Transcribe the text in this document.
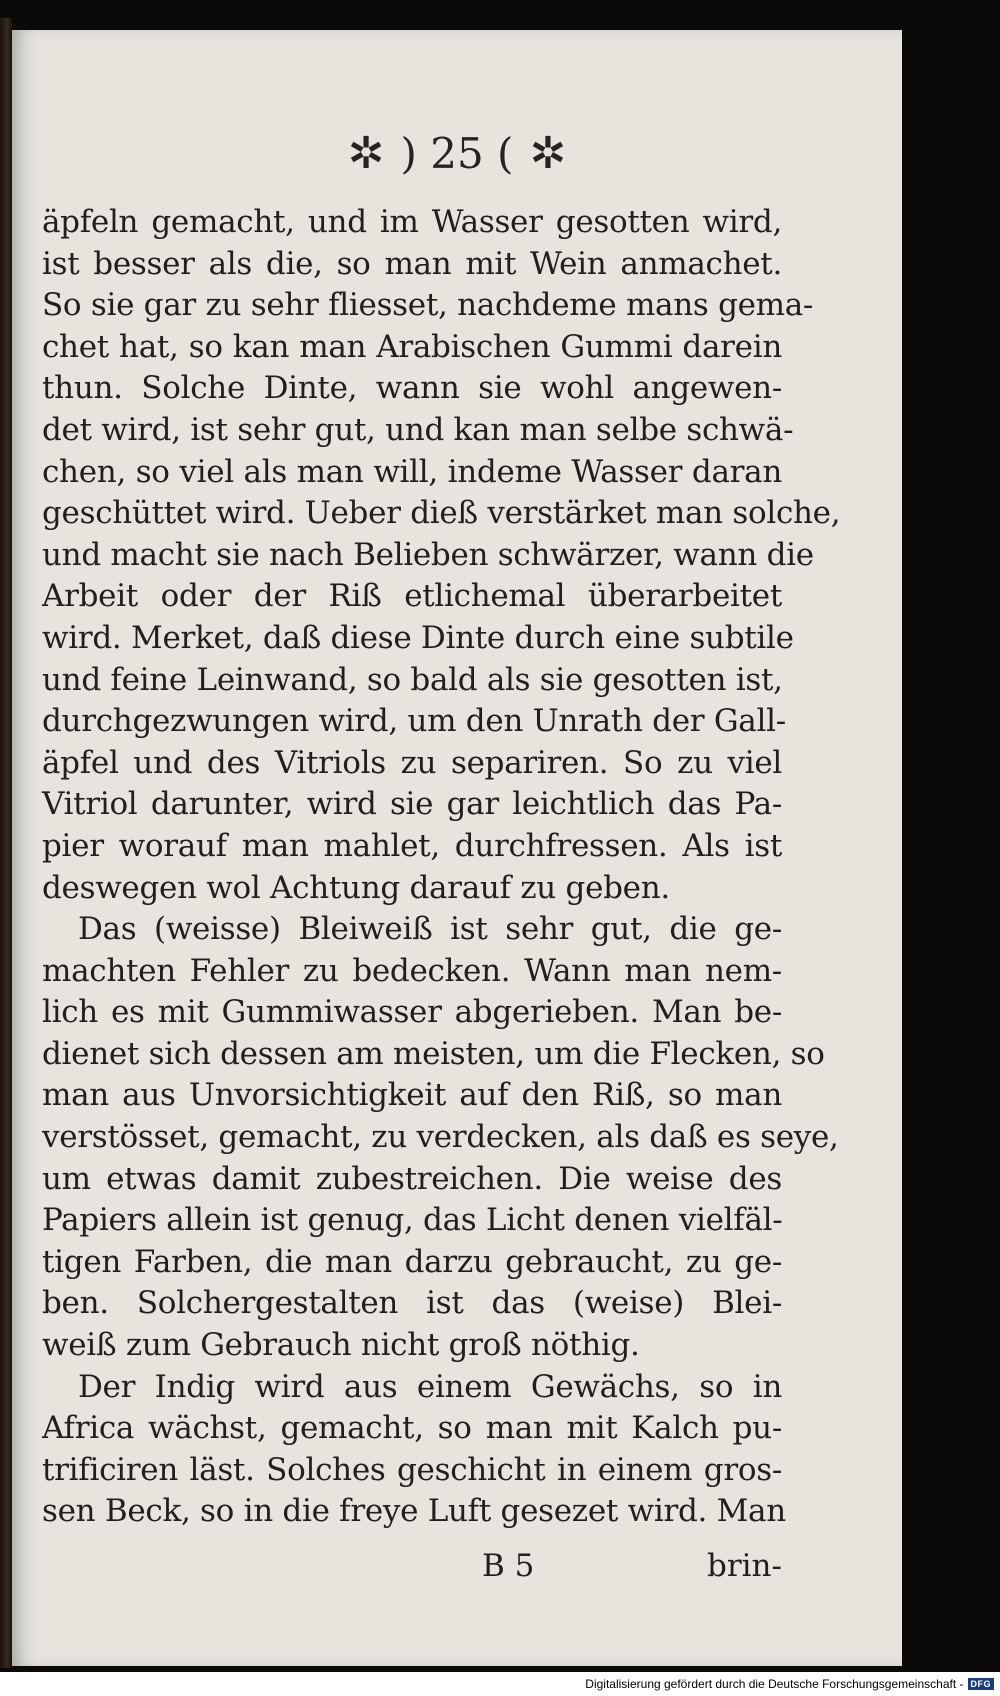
✲ ) 25 ( ✲
äpfeln gemacht, und im Wasser gesotten wird,
ist besser als die, so man mit Wein anmachet.
So sie gar zu sehr fliesset, nachdeme mans gema-
chet hat, so kan man Arabischen Gummi darein
thun. Solche Dinte, wann sie wohl angewen-
det wird, ist sehr gut, und kan man selbe schwä-
chen, so viel als man will, indeme Wasser daran
geschüttet wird. Ueber dieß verstärket man solche,
und macht sie nach Belieben schwärzer, wann die
Arbeit oder der Riß etlichemal überarbeitet
wird. Merket, daß diese Dinte durch eine subtile
und feine Leinwand, so bald als sie gesotten ist,
durchgezwungen wird, um den Unrath der Gall-
äpfel und des Vitriols zu separiren. So zu viel
Vitriol darunter, wird sie gar leichtlich das Pa-
pier worauf man mahlet, durchfressen. Als ist
deswegen wol Achtung darauf zu geben.
Das (weisse) Bleiweiß ist sehr gut, die ge-
machten Fehler zu bedecken. Wann man nem-
lich es mit Gummiwasser abgerieben. Man be-
dienet sich dessen am meisten, um die Flecken, so
man aus Unvorsichtigkeit auf den Riß, so man
verstösset, gemacht, zu verdecken, als daß es seye,
um etwas damit zubestreichen. Die weise des
Papiers allein ist genug, das Licht denen vielfäl-
tigen Farben, die man darzu gebraucht, zu ge-
ben. Solchergestalten ist das (weise) Blei-
weiß zum Gebrauch nicht groß nöthig.
Der Indig wird aus einem Gewächs, so in
Africa wächst, gemacht, so man mit Kalch pu-
trificiren läst. Solches geschicht in einem gros-
sen Beck, so in die freye Luft gesezet wird. Man
B 5	brin-
Digitalisierung gefördert durch die Deutsche Forschungsgemeinschaft - DFG
